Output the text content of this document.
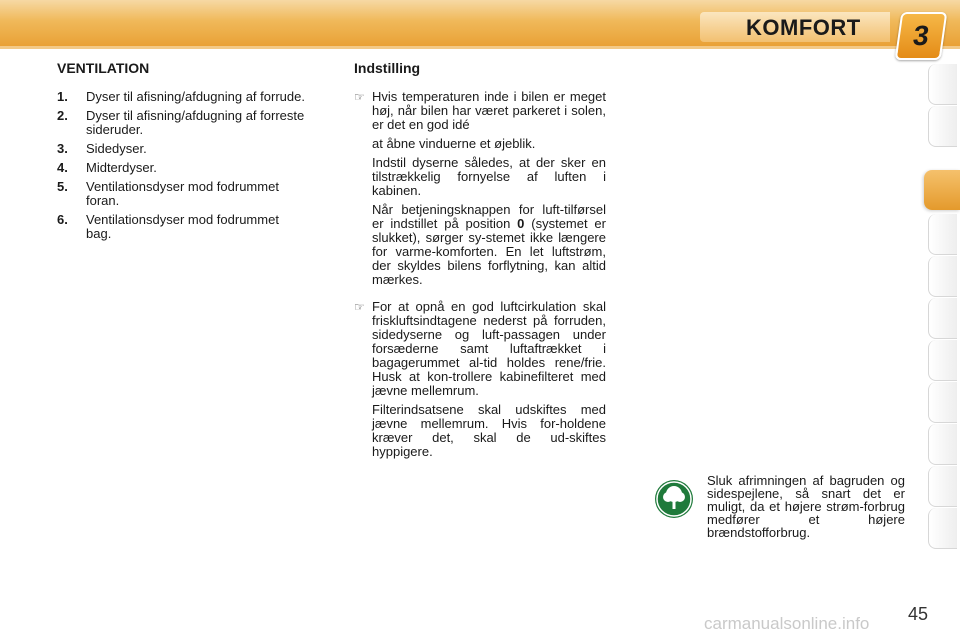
KOMFORT	3
VENTILATION
1.	Dyser til afisning/afdugning af forrude.
2.	Dyser til afisning/afdugning af forreste sideruder.
3.	Sidedyser.
4.	Midterdyser.
5.	Ventilationsdyser mod fodrummet foran.
6.	Ventilationsdyser mod fodrummet bag.
Indstilling
☞ Hvis temperaturen inde i bilen er meget høj, når bilen har været parkeret i solen, er det en god idé

at åbne vinduerne et øjeblik.

Indstil dyserne således, at der sker en tilstrækkelig fornyelse af luften i kabinen.

Når betjeningsknappen for luft-tilførsel er indstillet på position 0 (systemet er slukket), sørger sy-stemet ikke længere for varme-komforten. En let luftstrøm, der skyldes bilens forflytning, kan altid mærkes.

☞ For at opnå en god luftcirkulation skal friskluftsindtagene nederst på forruden, sidedyserne og luft-passagen under forsæderne samt luftaftrækket i bagagerummet al-tid holdes rene/frie. Husk at kon-trollere kabinefilteret med jævne mellemrum.

Filterindsatsene skal udskiftes med jævne mellemrum. Hvis for-holdene kræver det, skal de ud-skiftes hyppigere.

Sluk afrimningen af bagruden og sidespejlene, så snart det er muligt, da et højere strøm-forbrug medfører et højere brændstofforbrug.
carmanualsonline.info 45
